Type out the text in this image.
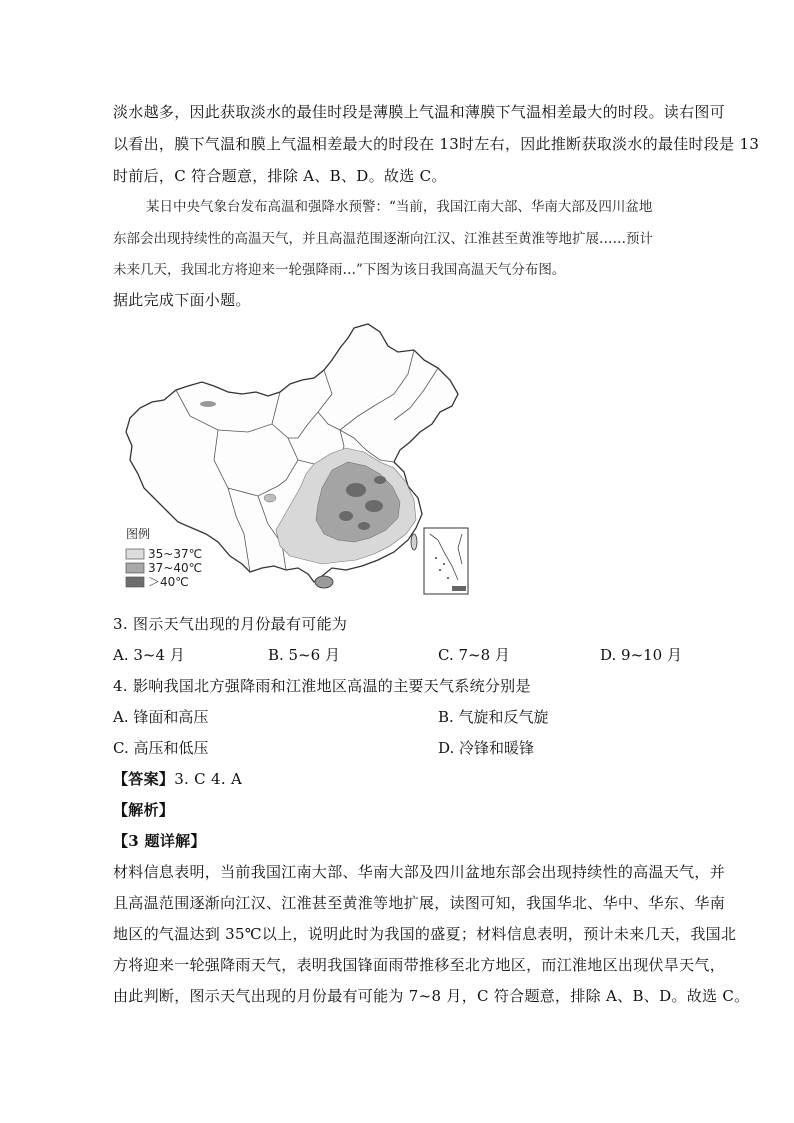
淡水越多，因此获取淡水的最佳时段是薄膜上气温和薄膜下气温相差最大的时段。读右图可
以看出，膜下气温和膜上气温相差最大的时段在 13时左右，因此推断获取淡水的最佳时段是 13
时前后，C 符合题意，排除 A、B、D。故选 C。
某日中央气象台发布高温和强降水预警：“当前，我国江南大部、华南大部及四川盆地
东部会出现持续性的高温天气，并且高温范围逐渐向江汉、江淮甚至黄淮等地扩展……预计
未来几天，我国北方将迎来一轮强降雨…”下图为该日我国高温天气分布图。
据此完成下面小题。
图例
35~37℃
37~40℃
＞40℃
3. 图示天气出现的月份最有可能为
A. 3~4 月	B. 5~6 月	C. 7~8 月	D. 9~10 月
4. 影响我国北方强降雨和江淮地区高温的主要天气系统分别是
A. 锋面和高压	B. 气旋和反气旋
C. 高压和低压	D. 冷锋和暖锋
【答案】3. C 4. A
【解析】
【3 题详解】
材料信息表明，当前我国江南大部、华南大部及四川盆地东部会出现持续性的高温天气，并
且高温范围逐渐向江汉、江淮甚至黄淮等地扩展，读图可知，我国华北、华中、华东、华南
地区的气温达到 35℃以上，说明此时为我国的盛夏；材料信息表明，预计未来几天，我国北
方将迎来一轮强降雨天气，表明我国锋面雨带推移至北方地区，而江淮地区出现伏旱天气，
由此判断，图示天气出现的月份最有可能为 7~8 月，C 符合题意，排除 A、B、D。故选 C。
